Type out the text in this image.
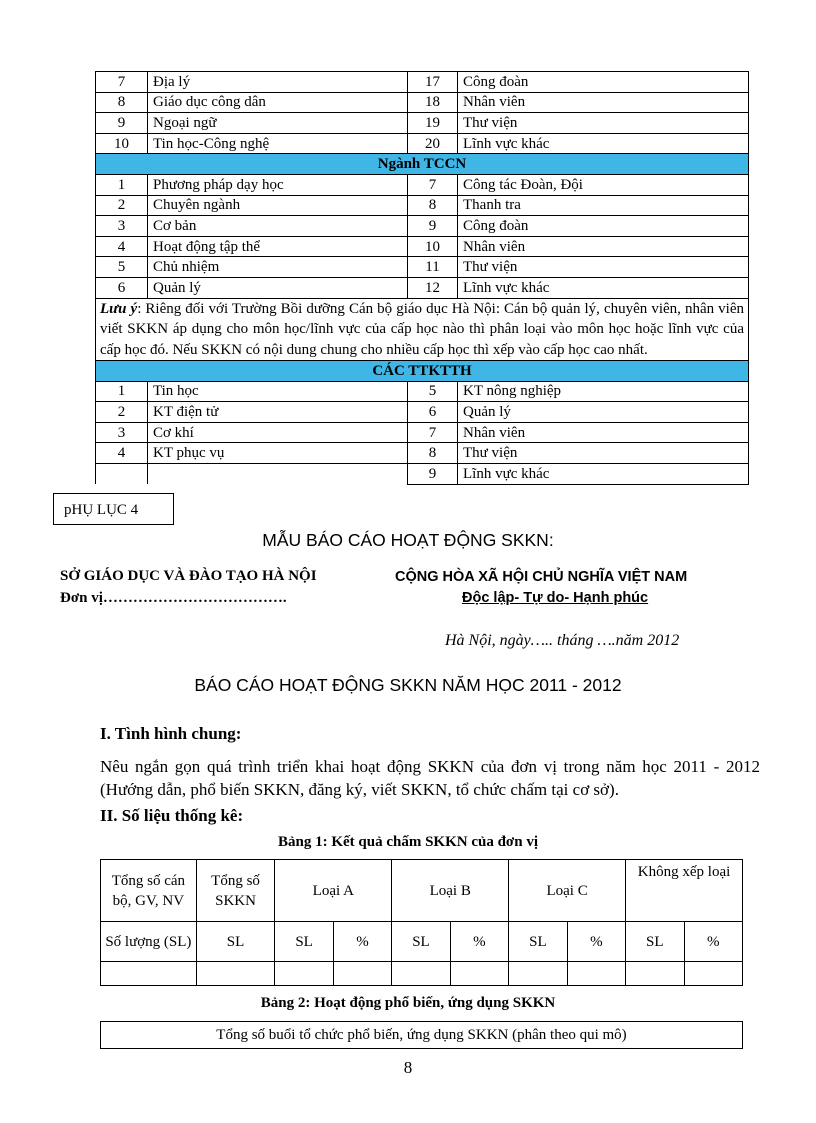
7	Địa lý	17	Công đoàn
8	Giáo dục công dân	18	Nhân viên
9	Ngoại ngữ	19	Thư viện
10	Tin học-Công nghệ	20	Lĩnh vực khác
Ngành TCCN			
1	Phương pháp dạy học	7	Công tác Đoàn, Đội
2	Chuyên ngành	8	Thanh tra
3	Cơ bản	9	Công đoàn
4	Hoạt động tập thể	10	Nhân viên
5	Chủ nhiệm	11	Thư viện
6	Quản lý	12	Lĩnh vực khác
Lưu ý: Riêng đối với Trường Bồi dưỡng Cán bộ giáo dục Hà Nội: Cán bộ quản lý, chuyên viên, nhân viên viết SKKN áp dụng cho môn học/lĩnh vực của cấp học nào thì phân loại vào môn học hoặc lĩnh vực của cấp học đó. Nếu SKKN có nội dung chung cho nhiều cấp học thì xếp vào cấp học cao nhất.			
CÁC TTKTTH			
1	Tin học	5	KT nông nghiệp
2	KT điện tử	6	Quản lý
3	Cơ khí	7	Nhân viên
4	KT phục vụ	8	Thư viện
		9	Lĩnh vực khác
pHỤ LỤC 4
MẪU BÁO CÁO HOẠT ĐỘNG SKKN:
SỞ GIÁO DỤC VÀ ĐÀO TẠO HÀ NỘI
Đơn vị……………………………….
CỘNG HÒA XÃ HỘI CHỦ NGHĨA VIỆT NAM
Độc lập- Tự do- Hạnh phúc
Hà Nội, ngày….. tháng ….năm 2012
BÁO CÁO HOẠT ĐỘNG SKKN NĂM HỌC 2011 - 2012
I. Tình hình chung:
Nêu ngắn gọn quá trình triển khai hoạt động SKKN của đơn vị trong năm học 2011 - 2012 (Hướng dẫn, phổ biến SKKN, đăng ký, viết SKKN, tổ chức chấm tại cơ sở).
II. Số liệu thống kê:
Bảng 1: Kết quả chấm SKKN của đơn vị
Tổng số cán bộ, GV, NV	Tổng số SKKN	Loại A		Loại B		Loại C		Không xếp loại	
Số lượng (SL)	SL	SL	%	SL	%	SL	%	SL	%

Bảng 2: Hoạt động phổ biến, ứng dụng SKKN
Tổng số buổi tổ chức phổ biến, ứng dụng SKKN (phân theo qui mô)
8
